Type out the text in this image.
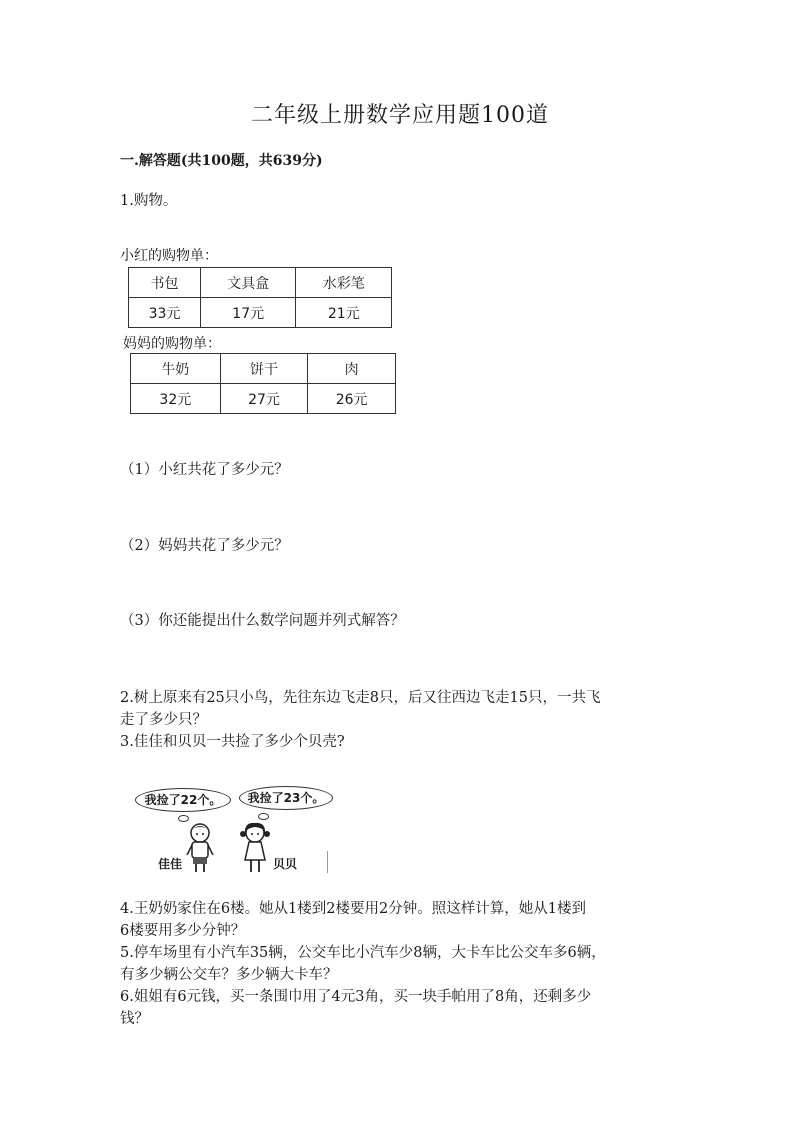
二年级上册数学应用题100道
一.解答题(共100题，共639分)
1.购物。
小红的购物单：
书包	文具盒	水彩笔
33元	17元	21元
妈妈的购物单：
牛奶	饼干	肉
32元	27元	26元
（1）小红共花了多少元？
（2）妈妈共花了多少元？
（3）你还能提出什么数学问题并列式解答？
2.树上原来有25只小鸟，先往东边飞走8只，后又往西边飞走15只，一共飞
走了多少只？
3.佳佳和贝贝一共捡了多少个贝壳?
我捡了22个。	我捡了23个。
佳佳	贝贝
4.王奶奶家住在6楼。她从1楼到2楼要用2分钟。照这样计算，她从1楼到
6楼要用多少分钟？
5.停车场里有小汽车35辆，公交车比小汽车少8辆，大卡车比公交车多6辆，
有多少辆公交车？多少辆大卡车？
6.姐姐有6元钱，买一条围巾用了4元3角，买一块手帕用了8角，还剩多少
钱？
